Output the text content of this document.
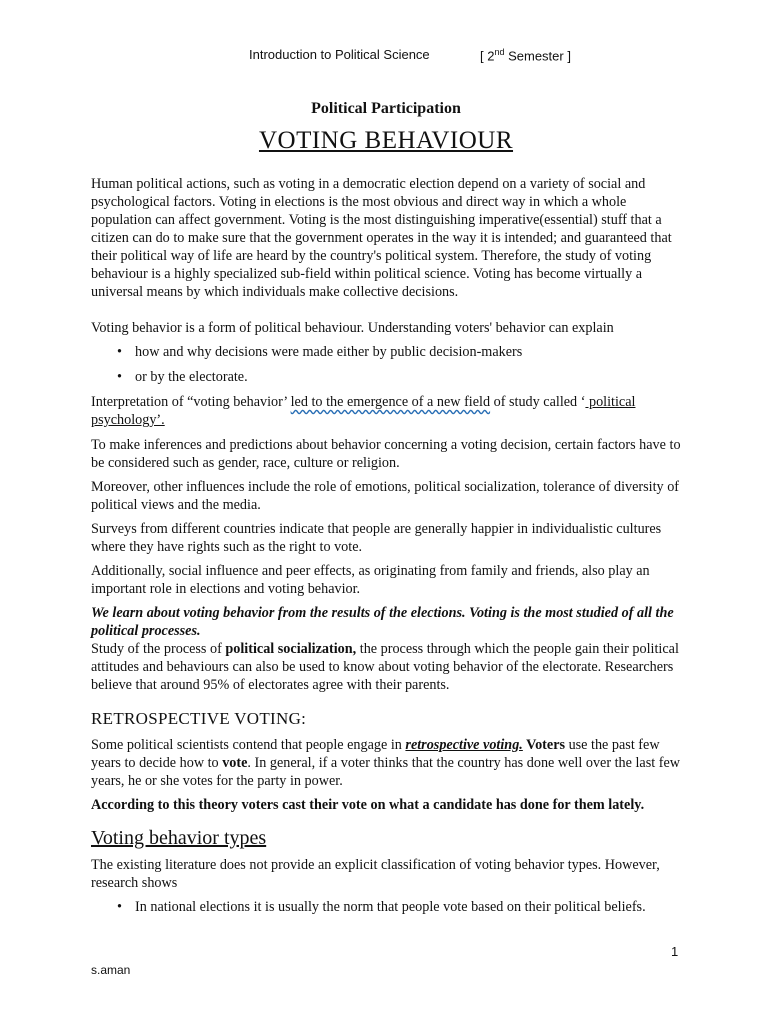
Introduction to Political Science	[ 2nd Semester ]

Political Participation

VOTING BEHAVIOUR

Human political actions, such as voting in a democratic election depend on a variety of social and psychological factors. Voting in elections is the most obvious and direct way in which a whole population can affect government. Voting is the most distinguishing imperative(essential) stuff that a citizen can do to make sure that the government operates in the way it is intended; and guaranteed that their political way of life are heard by the country's political system. Therefore, the study of voting behaviour is a highly specialized sub-field within political science. Voting has become virtually a universal means by which individuals make collective decisions.

Voting behavior is a form of political behaviour. Understanding voters' behavior can explain

• how and why decisions were made either by public decision-makers
• or by the electorate.

Interpretation of “voting behavior’ led to the emergence of a new field of study called ‘ political psychology’.

To make inferences and predictions about behavior concerning a voting decision, certain factors have to be considered such as gender, race, culture or religion.

Moreover, other influences include the role of emotions, political socialization, tolerance of diversity of political views and the media.

Surveys from different countries indicate that people are generally happier in individualistic cultures where they have rights such as the right to vote.

Additionally, social influence and peer effects, as originating from family and friends, also play an important role in elections and voting behavior.

We learn about voting behavior from the results of the elections. Voting is the most studied of all the political processes.

Study of the process of political socialization, the process through which the people gain their political attitudes and behaviours can also be used to know about voting behavior of the electorate. Researchers believe that around 95% of electorates agree with their parents.

RETROSPECTIVE VOTING:

Some political scientists contend that people engage in retrospective voting. Voters use the past few years to decide how to vote. In general, if a voter thinks that the country has done well over the last few years, he or she votes for the party in power.

According to this theory voters cast their vote on what a candidate has done for them lately.

Voting behavior types

The existing literature does not provide an explicit classification of voting behavior types. However, research shows

• In national elections it is usually the norm that people vote based on their political beliefs.
1
s.aman
